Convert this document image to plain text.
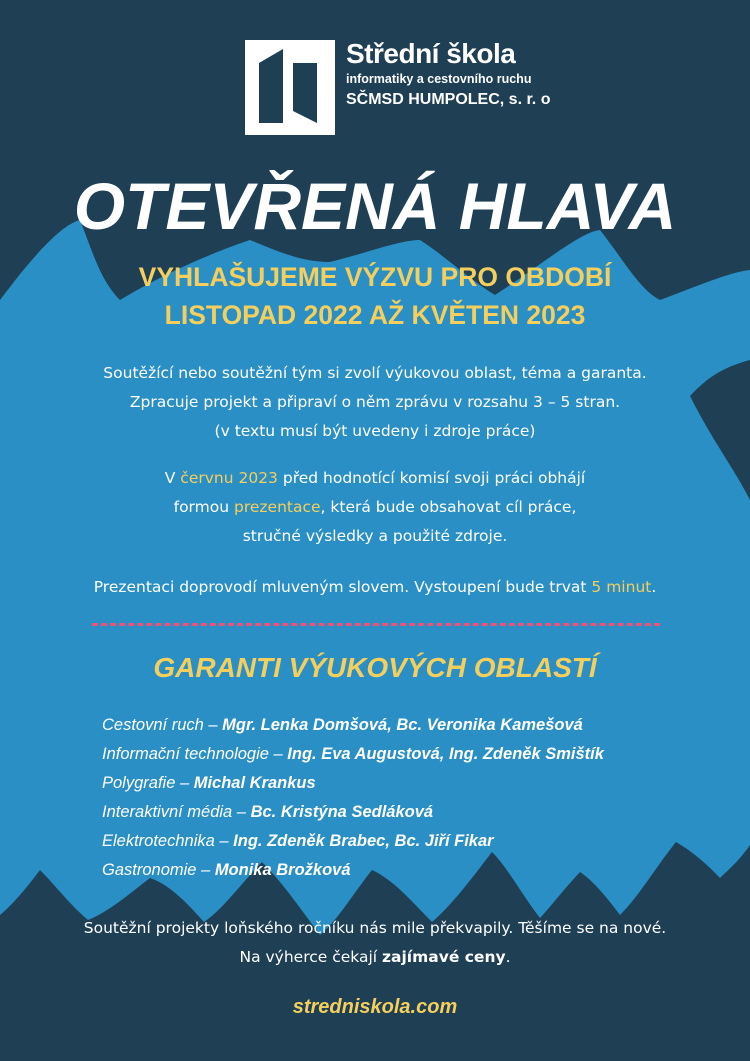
Střední škola
informatiky a cestovního ruchu
SČMSD HUMPOLEC, s. r. o
OTEVŘENÁ HLAVA
VYHLAŠUJEME VÝZVU PRO OBDOBÍ
LISTOPAD 2022 AŽ KVĚTEN 2023
Soutěžící nebo soutěžní tým si zvolí výukovou oblast, téma a garanta.
Zpracuje projekt a připraví o něm zprávu v rozsahu 3 – 5 stran.
(v textu musí být uvedeny i zdroje práce)
V červnu 2023 před hodnotící komisí svoji práci obhájí
formou prezentace, která bude obsahovat cíl práce,
stručné výsledky a použité zdroje.
Prezentaci doprovodí mluveným slovem. Vystoupení bude trvat 5 minut.
GARANTI VÝUKOVÝCH OBLASTÍ
Cestovní ruch – Mgr. Lenka Domšová, Bc. Veronika Kamešová
Informační technologie – Ing. Eva Augustová, Ing. Zdeněk Smištík
Polygrafie – Michal Krankus
Interaktivní média – Bc. Kristýna Sedláková
Elektrotechnika – Ing. Zdeněk Brabec, Bc. Jiří Fikar
Gastronomie – Monika Brožková
Soutěžní projekty loňského ročníku nás mile překvapily. Těšíme se na nové.
Na výherce čekají zajímavé ceny.
stredniskola.com
